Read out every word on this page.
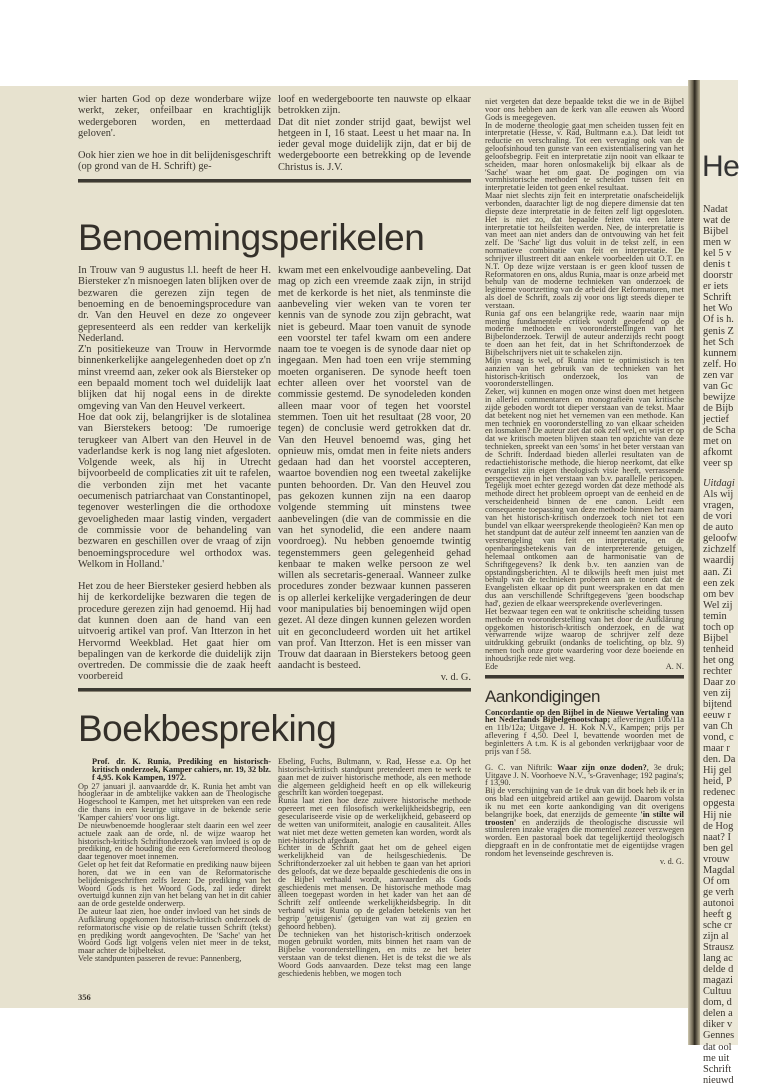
wier harten God op deze wonderbare wijze werkt, zeker, onfeilbaar en krachtiglijk wedergeboren worden, en metterdaad geloven'.

Ook hier zien we hoe in dit belijdenisgeschrift (op grond van de H. Schrift) ge-

loof en wedergeboorte ten nauwste op elkaar betrokken zijn.

Dat dit niet zonder strijd gaat, bewijst wel hetgeen in I, 16 staat. Leest u het maar na. In ieder geval moge duidelijk zijn, dat er bij de wedergeboorte een betrekking op de levende Christus is. J.V.

Benoemingsperikelen

In Trouw van 9 augustus l.l. heeft de heer H. Biersteker z'n misnoegen laten blijken over de bezwaren die gerezen zijn tegen de benoeming en de benoemingsprocedure van dr. Van den Heuvel en deze zo ongeveer gepresenteerd als een redder van kerkelijk Nederland.

Z'n positiekeuze van Trouw in Hervormde binnenkerkelijke aangelegenheden doet op z'n minst vreemd aan, zeker ook als Biersteker op een bepaald moment toch wel duidelijk laat blijken dat hij nogal eens in de direkte omgeving van Van den Heuvel verkeert.

Hoe dat ook zij, belangrijker is de slotalinea van Bierstekers betoog: 'De rumoerige terugkeer van Albert van den Heuvel in de vaderlandse kerk is nog lang niet afgesloten. Volgende week, als hij in Utrecht bijvoorbeeld de complicaties zit uit te rafelen, die verbonden zijn met het vacante oecumenisch patriarchaat van Constantinopel, tegenover westerlingen die die orthodoxe gevoeligheden maar lastig vinden, vergadert de commissie voor de behandeling van bezwaren en geschillen over de vraag of zijn benoemingsprocedure wel orthodox was. Welkom in Holland.'

Het zou de heer Biersteker gesierd hebben als hij de kerkordelijke bezwaren die tegen de procedure gerezen zijn had genoemd. Hij had dat kunnen doen aan de hand van een uitvoerig artikel van prof. Van Itterzon in het Hervormd Weekblad. Het gaat hier om bepalingen van de kerkorde die duidelijk zijn overtreden. De commissie die de zaak heeft voorbereid

kwam met een enkelvoudige aanbeveling. Dat mag op zich een vreemde zaak zijn, in strijd met de kerkorde is het niet, als tenminste die aanbeveling vier weken van te voren ter kennis van de synode zou zijn gebracht, wat niet is gebeurd. Maar toen vanuit de synode een voorstel ter tafel kwam om een andere naam toe te voegen is de synode daar niet op ingegaan. Men had toen een vrije stemming moeten organiseren. De synode heeft toen echter alleen over het voorstel van de commissie gestemd. De synodeleden konden alleen maar voor of tegen het voorstel stemmen. Toen uit het resultaat (28 voor, 20 tegen) de conclusie werd getrokken dat dr. Van den Heuvel benoemd was, ging het opnieuw mis, omdat men in feite niets anders gedaan had dan het voorstel accepteren, waartoe bovendien nog een tweetal zakelijke punten behoorden. Dr. Van den Heuvel zou pas gekozen kunnen zijn na een daarop volgende stemming uit minstens twee aanbevelingen (die van de commissie en die van het synodelid, die een andere naam voordroeg). Nu hebben genoemde twintig tegenstemmers geen gelegenheid gehad kenbaar te maken welke persoon ze wel willen als secretaris-generaal. Wanneer zulke procedures zonder bezwaar kunnen passeren is op allerlei kerkelijke vergaderingen de deur voor manipulaties bij benoemingen wijd open gezet. Al deze dingen kunnen gelezen worden uit en geconcludeerd worden uit het artikel van prof. Van Itterzon. Het is een misser van Trouw dat daaraan in Bierstekers betoog geen aandacht is besteed.

v. d. G.

Boekbespreking

Prof. dr. K. Runia, Prediking en historisch-kritisch onderzoek, Kamper cahiers, nr. 19, 32 blz. f 4,95. Kok Kampen, 1972.

Op 27 januari jl. aanvaardde dr. K. Runia het ambt van hoogleraar in de ambtelijke vakken aan de Theologische Hogeschool te Kampen, met het uitspreken van een rede die thans in een keurige uitgave in de bekende serie 'Kamper cahiers' voor ons ligt.

De nieuwbenoemde hoogleraar stelt daarin een wel zeer actuele zaak aan de orde, nl. de wijze waarop het historisch-kritisch Schriftonderzoek van invloed is op de prediking, en de houding die een Gereformeerd theoloog daar tegenover moet innemen.

Gelet op het feit dat Reformatie en prediking nauw bijeen horen, dat we in een van de Reformatorische belijdenisgeschriften zelfs lezen: De prediking van het Woord Gods is het Woord Gods, zal ieder direkt overtuigd kunnen zijn van het belang van het in dit cahier aan de orde gestelde onderwerp.

De auteur laat zien, hoe onder invloed van het sinds de Aufklärung opgekomen historisch-kritisch onderzoek de reformatorische visie op de relatie tussen Schrift (tekst) en prediking wordt aangevochten. De 'Sache' van het Woord Gods ligt volgens velen niet meer in de tekst, maar achter de bijbeltekst.

Vele standpunten passeren de revue: Pannenberg,

Ebeling, Fuchs, Bultmann, v. Rad, Hesse e.a. Op het historisch-kritisch standpunt pretendeert men te werk te gaan met de zuiver historische methode, als een methode die algemeen geldigheid heeft en op elk willekeurig geschrift kan worden toegepast.

Runia laat zien hoe deze zuivere historische methode opereert met een filosofisch werkelijkheidsbegrip, een geseculariseerde visie op de werkelijkheid, gebaseerd op de wetten van uniformiteit, analogie en causaliteit. Alles wat niet met deze wetten gemeten kan worden, wordt als niet-historisch afgedaan.

Echter in de Schrift gaat het om de geheel eigen werkelijkheid van de heilsgeschiedenis. De Schriftonderzoeker zal uit hebben te gaan van het apriori des geloofs, dat we deze bepaalde geschiedenis die ons in de Bijbel verhaald wordt, aanvaarden als Gods geschiedenis met mensen. De historische methode mag alleen toegepast worden in het kader van het aan de Schrift zelf ontleende werkelijkheidsbegrip. In dit verband wijst Runia op de geladen betekenis van het begrip 'getuigenis' (getuigen van wat zij gezien en gehoord hebben).

De technieken van het historisch-kritisch onderzoek mogen gebruikt worden, mits binnen het raam van de Bijbelse vooronderstellingen, en mits ze het beter verstaan van de tekst dienen. Het is de tekst die we als Woord Gods aanvaarden. Deze tekst mag een lange geschiedenis hebben, we mogen toch

356

niet vergeten dat deze bepaalde tekst die we in de Bijbel voor ons hebben aan de kerk van alle eeuwen als Woord Gods is meegegeven.

In de moderne theologie gaat men scheiden tussen feit en interpretatie (Hesse, v. Rad, Bultmann e.a.). Dat leidt tot reductie en verschraling. Tot een vervaging ook van de geloofsinhoud ten gunste van een existentialisering van het geloofsbegrip. Feit en interpretatie zijn nooit van elkaar te scheiden, maar horen onlosmakelijk bij elkaar als de 'Sache' waar het om gaat. De pogingen om via vormhistorische methoden te scheiden tussen feit en interpretatie leiden tot geen enkel resultaat.

Maar niet slechts zijn feit en interpretatie onafscheidelijk verbonden, daarachter ligt de nog diepere dimensie dat ten diepste deze interpretatie in de feiten zelf ligt opgesloten. Het is niet zo, dat bepaalde feiten via een latere interpretatie tot heilsfeiten werden. Nee, de interpretatie is van meet aan niet anders dan de ontvouwing van het feit zelf. De 'Sache' ligt dus voluit in de tekst zelf, in een normatieve combinatie van feit en interpretatie. De schrijver illustreert dit aan enkele voorbeelden uit O.T. en N.T. Op deze wijze verstaan is er geen kloof tussen de Reformatoren en ons, aldus Runia, maar is onze arbeid met behulp van de moderne technieken van onderzoek de legitieme voortzetting van de arbeid der Reformatoren, met als doel de Schrift, zoals zij voor ons ligt steeds dieper te verstaan.

Runia gaf ons een belangrijke rede, waarin naar mijn mening fundamentele critiek wordt geoefend op de moderne methoden en vooronderstellingen van het Bijbelonderzoek. Terwijl de auteur anderzijds recht poogt te doen aan het feit, dat in het Schriftonderzoek de Bijbelschrijvers niet uit te schakelen zijn.

Mijn vraag is wel, of Runia niet te optimistisch is ten aanzien van het gebruik van de technieken van het historisch-kritisch onderzoek, los van de vooronderstellingen.

Zeker, wij kunnen en mogen onze winst doen met hetgeen in allerlei commentaren en monografieën van kritische zijde geboden wordt tot dieper verstaan van de tekst. Maar dat betekent nog niet het vernemen van een methode. Kan men techniek en vooronderstelling zo van elkaar scheiden en losmaken? De auteur ziet dat ook zelf wel, en wijst er op dat we kritisch moeten blijven staan ten opzichte van deze technieken, spreekt van een 'soms' in het beter verstaan van de Schrift. Inderdaad bieden allerlei resultaten van de redactiehistorische methode, die hierop neerkomt, dat elke evangelist zijn eigen theologisch visie heeft, verrassende perspectieven in het verstaan van b.v. parallelle pericopen. Tegelijk moet echter gezegd worden dat deze methode als methode direct het probleem oproept van de eenheid en de verscheidenheid binnen de ene canon. Leidt een consequente toepassing van deze methode binnen het raam van het historisch-kritisch onderzoek toch niet tot een bundel van elkaar weersprekende theologieën? Kan men op het standpunt dat de auteur zelf inneemt ten aanzien van de verstrengeling van feit en interpretatie, en de openbaringsbetekenis van de interpreterende getuigen, helemaal ontkomen aan de harmonisatie van de Schriftgegevens? Ik denk b.v. ten aanzien van de opstandingsberichten. Al te dikwijls heeft men juist met behulp van de technieken proberen aan te tonen dat de Evangelisten elkaar op dit punt weerspraken en dat men dus aan verschillende Schriftgegevens 'geen boodschap had', gezien de elkaar weersprekende overleveringen.

Het bezwaar tegen een wat te onkritische scheiding tussen methode en vooronderstelling van het door de Aufklärung opgekomen historisch-kritisch onderzoek, en de wat verwarrende wijze waarop de schrijver zelf deze uitdrukking gebruikt (ondanks de toelichting, op blz. 9) nemen toch onze grote waardering voor deze boeiende en inhoudsrijke rede niet weg.

Ede	A. N.
Aankondigingen

Concordantie op den Bijbel in de Nieuwe Vertaling van het Nederlands Bijbelgenootschap; afleveringen 10b/11a en 11b/12a; Uitgave J. H. Kok N.V., Kampen; prijs per aflevering f 4,50. Deel I, bevattende woorden met de beginletters A t.m. K is al gebonden verkrijgbaar voor de prijs van f 58.

G. C. van Niftrik: Waar zijn onze doden?, 3e druk; Uitgave J. N. Voorhoeve N.V., 's-Gravenhage; 192 pagina's; f 13,90.

Bij de verschijning van de 1e druk van dit boek heb ik er in ons blad een uitgebreid artikel aan gewijd. Daarom volsta ik nu met een korte aankondiging van dit overigens belangrijke boek, dat enerzijds de gemeente 'in stilte wil troosten' en anderzijds de theologische discussie wil stimuleren inzake vragen die momenteel zozeer verzwegen worden. Een pastoraal boek dat tegelijkertijd theologisch diepgraaft en in de confrontatie met de eigentijdse vragen rondom het levenseinde geschreven is.

v. d. G.

He
Nadat
wat de
Bijbel
men w
kel 5 v
denis t
doorstr
er iets
Schrift
het Wo
Of is h.
genis Z
het Sch
kunnem
zelf. Ho
zen var
van Gc
bewijze
de Bijb
jectief
de Scha
met on
afkomt
veer sp
Uitdagi
Als wij
vragen,
de vori
de auto
geloofw
zichzelf
waardij
aan. Zi
een zek
om bev
Wel zij
temin
toch op
Bijbel
tenheid
het ong
rechter
Daar zo
ven zij
bijtend
eeuw r
van Ch
vond, c
maar r
den. Da
Hij gel
heid, P
redenec
opgesta
Hij nie
de Hog
naat? I
ben gel
vrouw
Magdal
Of om
ge verh
autonoi
heeft g
sche cr
zijn al
Strausz
lang ac
delde d
magazi
Cultuu
dom, d
delen a
diker v
Gennes
dat ool
me uit
Schrift
nieuwd
